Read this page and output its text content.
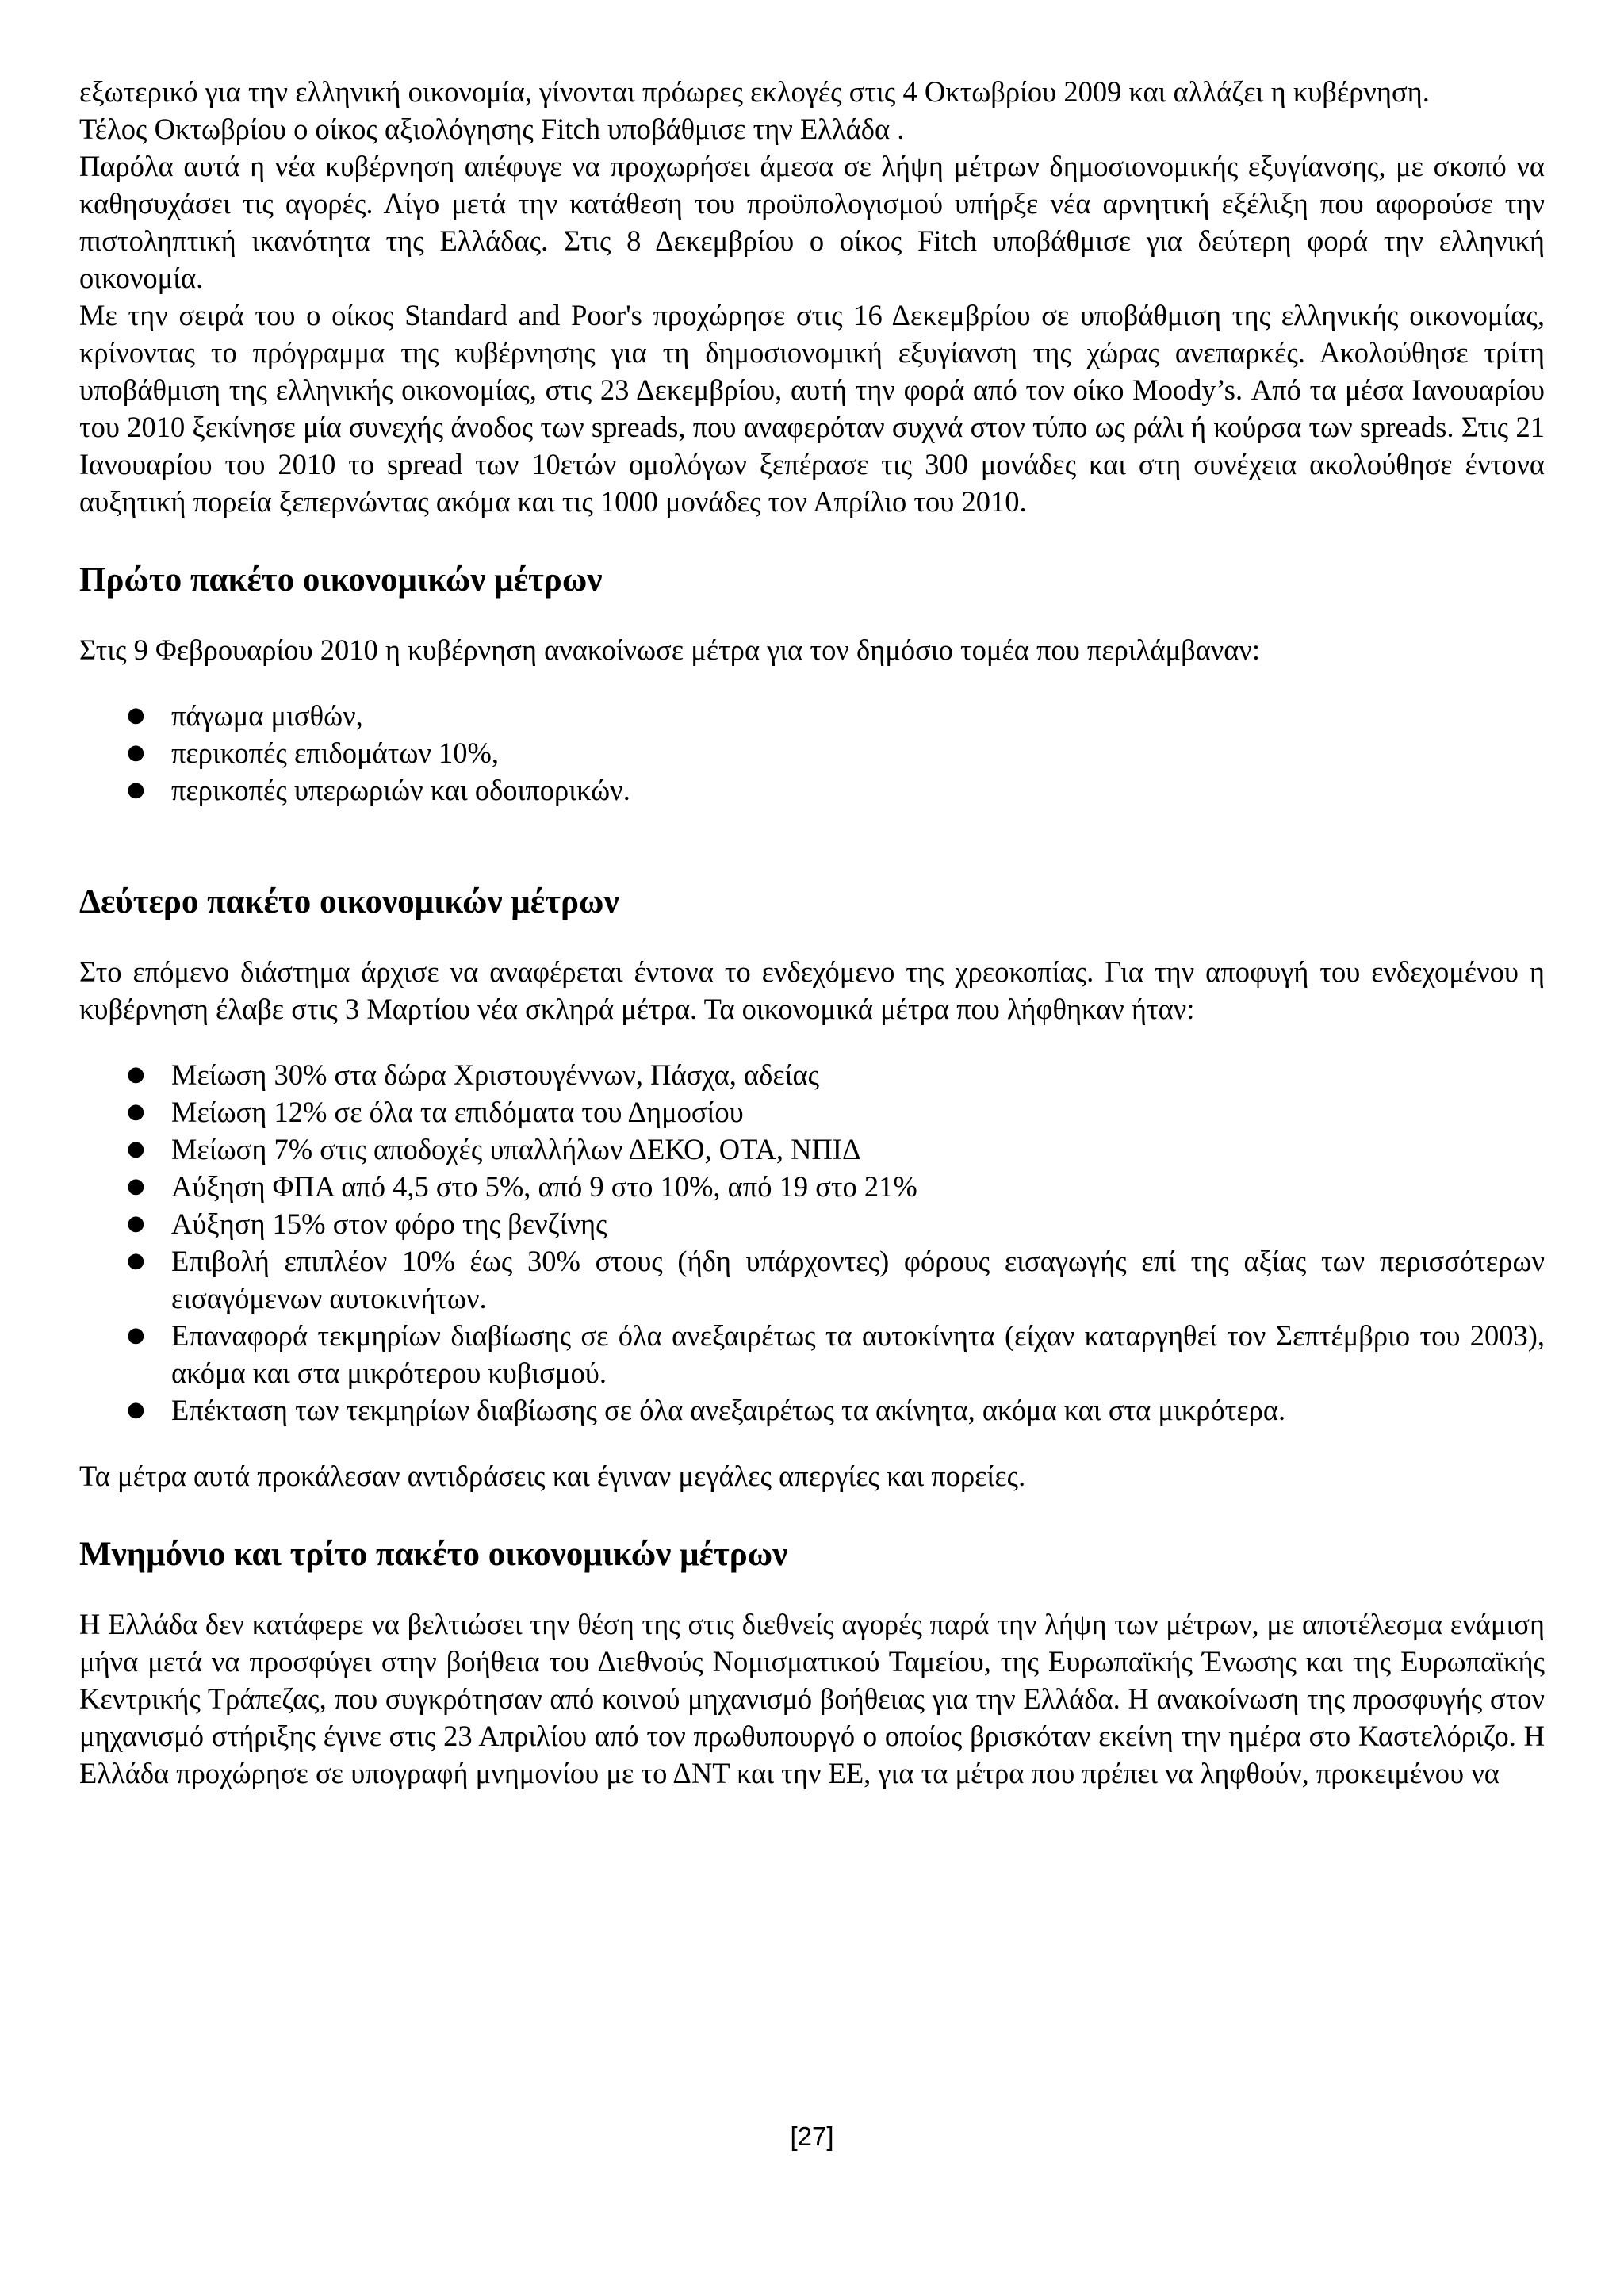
εξωτερικό για την ελληνική οικονομία, γίνονται πρόωρες εκλογές στις 4 Οκτωβρίου 2009 και αλλάζει η κυβέρνηση.

Τέλος Οκτωβρίου ο οίκος αξιολόγησης Fitch υποβάθμισε την Ελλάδα .

Παρόλα αυτά η νέα κυβέρνηση απέφυγε να προχωρήσει άμεσα σε λήψη μέτρων δημοσιονομικής εξυγίανσης, με σκοπό να καθησυχάσει τις αγορές. Λίγο μετά την κατάθεση του προϋπολογισμού υπήρξε νέα αρνητική εξέλιξη που αφορούσε την πιστοληπτική ικανότητα της Ελλάδας. Στις 8 Δεκεμβρίου ο οίκος Fitch υποβάθμισε για δεύτερη φορά την ελληνική οικονομία.

Με την σειρά του ο οίκος Standard and Poor's προχώρησε στις 16 Δεκεμβρίου σε υποβάθμιση της ελληνικής οικονομίας, κρίνοντας το πρόγραμμα της κυβέρνησης για τη δημοσιονομική εξυγίανση της χώρας ανεπαρκές. Ακολούθησε τρίτη υποβάθμιση της ελληνικής οικονομίας, στις 23 Δεκεμβρίου, αυτή την φορά από τον οίκο Moody’s. Από τα μέσα Ιανουαρίου του 2010 ξεκίνησε μία συνεχής άνοδος των spreads, που αναφερόταν συχνά στον τύπο ως ράλι ή κούρσα των spreads. Στις 21 Ιανουαρίου του 2010 το spread των 10ετών ομολόγων ξεπέρασε τις 300 μονάδες και στη συνέχεια ακολούθησε έντονα αυξητική πορεία ξεπερνώντας ακόμα και τις 1000 μονάδες τον Απρίλιο του 2010.

Πρώτο πακέτο οικονομικών μέτρων

Στις 9 Φεβρουαρίου 2010 η κυβέρνηση ανακοίνωσε μέτρα για τον δημόσιο τομέα που περιλάμβαναν:

● πάγωμα μισθών,
● περικοπές επιδομάτων 10%,
● περικοπές υπερωριών και οδοιπορικών.
Δεύτερο πακέτο οικονομικών μέτρων

Στο επόμενο διάστημα άρχισε να αναφέρεται έντονα το ενδεχόμενο της χρεοκοπίας. Για την αποφυγή του ενδεχομένου η κυβέρνηση έλαβε στις 3 Μαρτίου νέα σκληρά μέτρα. Τα οικονομικά μέτρα που λήφθηκαν ήταν:

● Μείωση 30% στα δώρα Χριστουγέννων, Πάσχα, αδείας
● Μείωση 12% σε όλα τα επιδόματα του Δημοσίου
● Μείωση 7% στις αποδοχές υπαλλήλων ΔΕΚΟ, ΟΤΑ, ΝΠΙΔ
● Αύξηση ΦΠΑ από 4,5 στο 5%, από 9 στο 10%, από 19 στο 21%
● Αύξηση 15% στον φόρο της βενζίνης
● Επιβολή επιπλέον 10% έως 30% στους (ήδη υπάρχοντες) φόρους εισαγωγής επί της αξίας των περισσότερων εισαγόμενων αυτοκινήτων.
● Επαναφορά τεκμηρίων διαβίωσης σε όλα ανεξαιρέτως τα αυτοκίνητα (είχαν καταργηθεί τον Σεπτέμβριο του 2003), ακόμα και στα μικρότερου κυβισμού.
● Επέκταση των τεκμηρίων διαβίωσης σε όλα ανεξαιρέτως τα ακίνητα, ακόμα και στα μικρότερα.

Τα μέτρα αυτά προκάλεσαν αντιδράσεις και έγιναν μεγάλες απεργίες και πορείες.

Μνημόνιο και τρίτο πακέτο οικονομικών μέτρων

Η Ελλάδα δεν κατάφερε να βελτιώσει την θέση της στις διεθνείς αγορές παρά την λήψη των μέτρων, με αποτέλεσμα ενάμιση μήνα μετά να προσφύγει στην βοήθεια του Διεθνούς Νομισματικού Ταμείου, της Ευρωπαϊκής Ένωσης και της Ευρωπαϊκής Κεντρικής Τράπεζας, που συγκρότησαν από κοινού μηχανισμό βοήθειας για την Ελλάδα. Η ανακοίνωση της προσφυγής στον μηχανισμό στήριξης έγινε στις 23 Απριλίου από τον πρωθυπουργό ο οποίος βρισκόταν εκείνη την ημέρα στο Καστελόριζο. Η Ελλάδα προχώρησε σε υπογραφή μνημονίου με το ΔΝΤ και την ΕΕ, για τα μέτρα που πρέπει να ληφθούν, προκειμένου να

[27]
